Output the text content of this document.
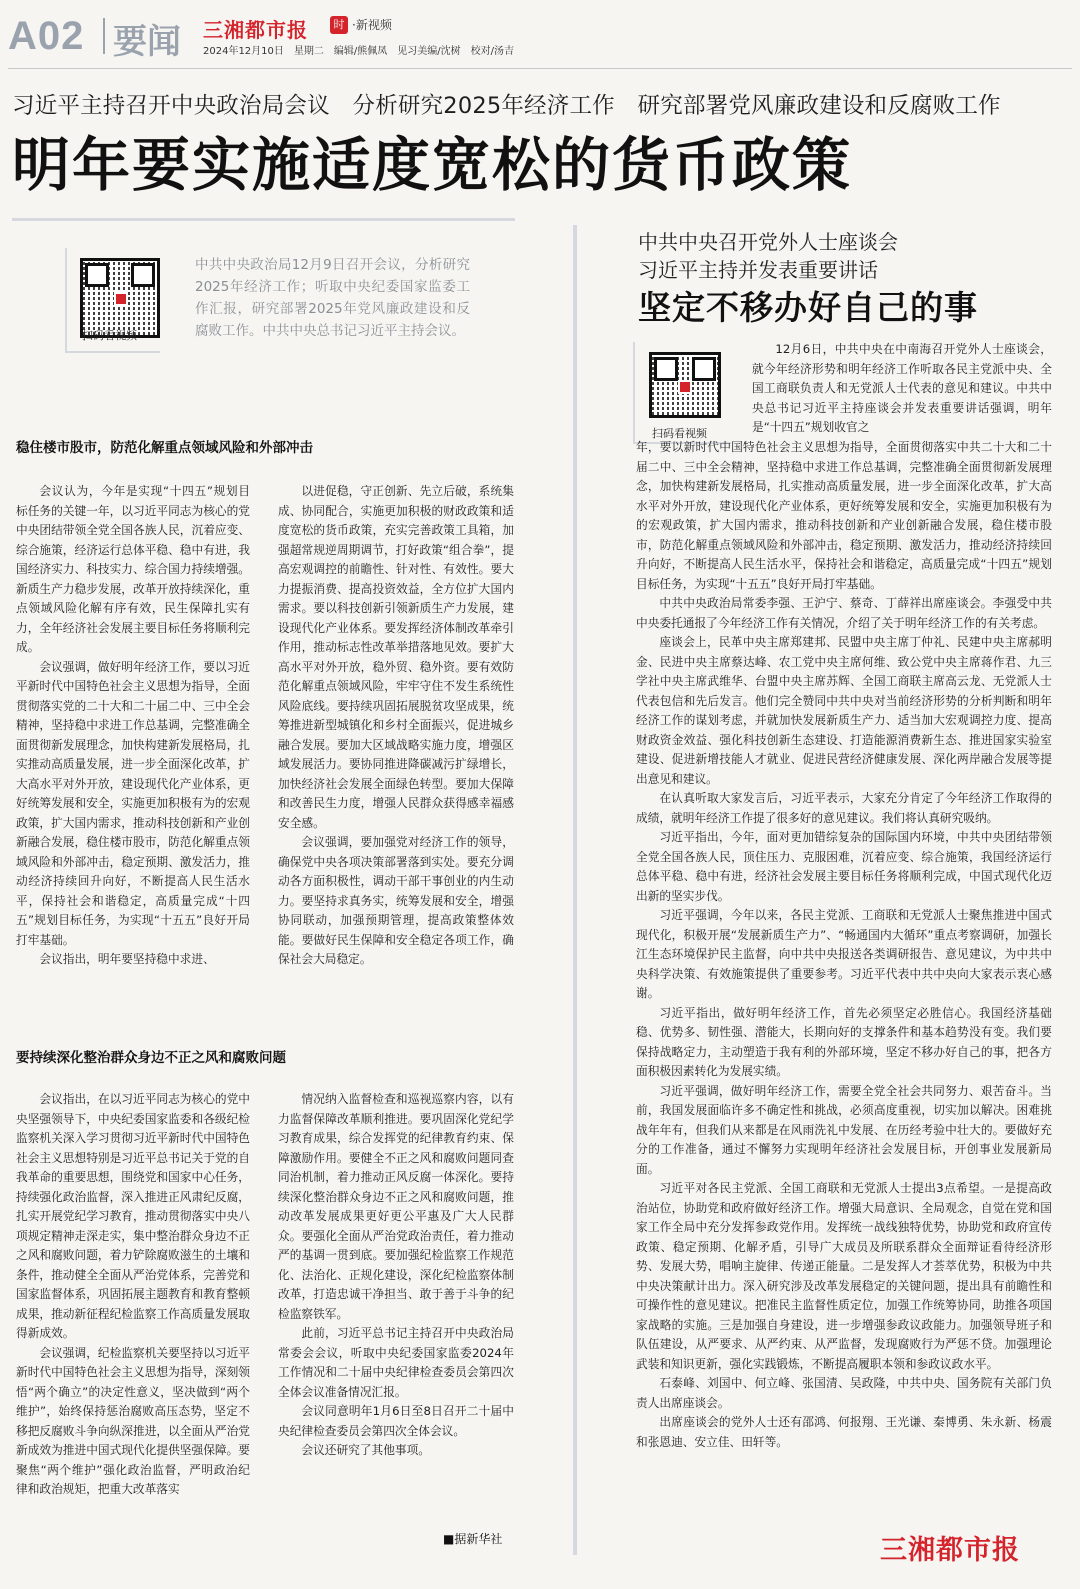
A02 要闻 三湘都市报	时 ·新视频
2024年12月10日　星期二　编辑/熊佩凤　见习美编/沈树　校对/汤吉
习近平主持召开中央政治局会议　分析研究2025年经济工作　研究部署党风廉政建设和反腐败工作
明年要实施适度宽松的货币政策
扫码看视频
中共中央政治局12月9日召开会议，分析研究2025年经济工作；听取中央纪委国家监委工作汇报，研究部署2025年党风廉政建设和反腐败工作。中共中央总书记习近平主持会议。
稳住楼市股市，防范化解重点领域风险和外部冲击

会议认为，今年是实现“十四五”规划目标任务的关键一年，以习近平同志为核心的党中央团结带领全党全国各族人民，沉着应变、综合施策，经济运行总体平稳、稳中有进，我国经济实力、科技实力、综合国力持续增强。新质生产力稳步发展，改革开放持续深化，重点领域风险化解有序有效，民生保障扎实有力，全年经济社会发展主要目标任务将顺利完成。

会议强调，做好明年经济工作，要以习近平新时代中国特色社会主义思想为指导，全面贯彻落实党的二十大和二十届二中、三中全会精神，坚持稳中求进工作总基调，完整准确全面贯彻新发展理念，加快构建新发展格局，扎实推动高质量发展，进一步全面深化改革，扩大高水平对外开放，建设现代化产业体系，更好统筹发展和安全，实施更加积极有为的宏观政策，扩大国内需求，推动科技创新和产业创新融合发展，稳住楼市股市，防范化解重点领域风险和外部冲击，稳定预期、激发活力，推动经济持续回升向好，不断提高人民生活水平，保持社会和谐稳定，高质量完成“十四五”规划目标任务，为实现“十五五”良好开局打牢基础。

会议指出，明年要坚持稳中求进、

以进促稳，守正创新、先立后破，系统集成、协同配合，实施更加积极的财政政策和适度宽松的货币政策，充实完善政策工具箱，加强超常规逆周期调节，打好政策“组合拳”，提高宏观调控的前瞻性、针对性、有效性。要大力提振消费、提高投资效益，全方位扩大国内需求。要以科技创新引领新质生产力发展，建设现代化产业体系。要发挥经济体制改革牵引作用，推动标志性改革举措落地见效。要扩大高水平对外开放，稳外贸、稳外资。要有效防范化解重点领域风险，牢牢守住不发生系统性风险底线。要持续巩固拓展脱贫攻坚成果，统筹推进新型城镇化和乡村全面振兴，促进城乡融合发展。要加大区域战略实施力度，增强区域发展活力。要协同推进降碳减污扩绿增长，加快经济社会发展全面绿色转型。要加大保障和改善民生力度，增强人民群众获得感幸福感安全感。

会议强调，要加强党对经济工作的领导，确保党中央各项决策部署落到实处。要充分调动各方面积极性，调动干部干事创业的内生动力。要坚持求真务实，统筹发展和安全，增强协同联动，加强预期管理，提高政策整体效能。要做好民生保障和安全稳定各项工作，确保社会大局稳定。

要持续深化整治群众身边不正之风和腐败问题

会议指出，在以习近平同志为核心的党中央坚强领导下，中央纪委国家监委和各级纪检监察机关深入学习贯彻习近平新时代中国特色社会主义思想特别是习近平总书记关于党的自我革命的重要思想，围绕党和国家中心任务，持续强化政治监督，深入推进正风肃纪反腐，扎实开展党纪学习教育，推动贯彻落实中央八项规定精神走深走实，集中整治群众身边不正之风和腐败问题，着力铲除腐败滋生的土壤和条件，推动健全全面从严治党体系，完善党和国家监督体系，巩固拓展主题教育和教育整顿成果，推动新征程纪检监察工作高质量发展取得新成效。

会议强调，纪检监察机关要坚持以习近平新时代中国特色社会主义思想为指导，深刻领悟“两个确立”的决定性意义，坚决做到“两个维护”，始终保持惩治腐败高压态势，坚定不移把反腐败斗争向纵深推进，以全面从严治党新成效为推进中国式现代化提供坚强保障。要聚焦“两个维护”强化政治监督，严明政治纪律和政治规矩，把重大改革落实

情况纳入监督检查和巡视巡察内容，以有力监督保障改革顺利推进。要巩固深化党纪学习教育成果，综合发挥党的纪律教育约束、保障激励作用。要健全不正之风和腐败问题同查同治机制，着力推动正风反腐一体深化。要持续深化整治群众身边不正之风和腐败问题，推动改革发展成果更好更公平惠及广大人民群众。要强化全面从严治党政治责任，着力推动严的基调一贯到底。要加强纪检监察工作规范化、法治化、正规化建设，深化纪检监察体制改革，打造忠诚干净担当、敢于善于斗争的纪检监察铁军。

此前，习近平总书记主持召开中央政治局常委会会议，听取中央纪委国家监委2024年工作情况和二十届中央纪律检查委员会第四次全体会议准备情况汇报。

会议同意明年1月6日至8日召开二十届中央纪律检查委员会第四次全体会议。

会议还研究了其他事项。

■据新华社
中共中央召开党外人士座谈会
习近平主持并发表重要讲话
坚定不移办好自己的事
扫码看视频

12月6日，中共中央在中南海召开党外人士座谈会，就今年经济形势和明年经济工作听取各民主党派中央、全国工商联负责人和无党派人士代表的意见和建议。中共中央总书记习近平主持座谈会并发表重要讲话强调，明年是“十四五”规划收官之

年，要以新时代中国特色社会主义思想为指导，全面贯彻落实中共二十大和二十届二中、三中全会精神，坚持稳中求进工作总基调，完整准确全面贯彻新发展理念，加快构建新发展格局，扎实推动高质量发展，进一步全面深化改革，扩大高水平对外开放，建设现代化产业体系，更好统筹发展和安全，实施更加积极有为的宏观政策，扩大国内需求，推动科技创新和产业创新融合发展，稳住楼市股市，防范化解重点领域风险和外部冲击，稳定预期、激发活力，推动经济持续回升向好，不断提高人民生活水平，保持社会和谐稳定，高质量完成“十四五”规划目标任务，为实现“十五五”良好开局打牢基础。

中共中央政治局常委李强、王沪宁、蔡奇、丁薛祥出席座谈会。李强受中共中央委托通报了今年经济工作有关情况，介绍了关于明年经济工作的有关考虑。

座谈会上，民革中央主席郑建邦、民盟中央主席丁仲礼、民建中央主席郝明金、民进中央主席蔡达峰、农工党中央主席何维、致公党中央主席蒋作君、九三学社中央主席武维华、台盟中央主席苏辉、全国工商联主席高云龙、无党派人士代表包信和先后发言。他们完全赞同中共中央对当前经济形势的分析判断和明年经济工作的谋划考虑，并就加快发展新质生产力、适当加大宏观调控力度、提高财政资金效益、强化科技创新生态建设、打造能源消费新生态、推进国家实验室建设、促进新增技能人才就业、促进民营经济健康发展、深化两岸融合发展等提出意见和建议。

在认真听取大家发言后，习近平表示，大家充分肯定了今年经济工作取得的成绩，就明年经济工作提了很多好的意见建议。我们将认真研究吸纳。

习近平指出，今年，面对更加错综复杂的国际国内环境，中共中央团结带领全党全国各族人民，顶住压力、克服困难，沉着应变、综合施策，我国经济运行总体平稳、稳中有进，经济社会发展主要目标任务将顺利完成，中国式现代化迈出新的坚实步伐。

习近平强调，今年以来，各民主党派、工商联和无党派人士聚焦推进中国式现代化，积极开展“发展新质生产力”、“畅通国内大循环”重点考察调研，加强长江生态环境保护民主监督，向中共中央报送各类调研报告、意见建议，为中共中央科学决策、有效施策提供了重要参考。习近平代表中共中央向大家表示衷心感谢。

习近平指出，做好明年经济工作，首先必须坚定必胜信心。我国经济基础稳、优势多、韧性强、潜能大，长期向好的支撑条件和基本趋势没有变。我们要保持战略定力，主动塑造于我有利的外部环境，坚定不移办好自己的事，把各方面积极因素转化为发展实绩。

习近平强调，做好明年经济工作，需要全党全社会共同努力、艰苦奋斗。当前，我国发展面临许多不确定性和挑战，必须高度重视，切实加以解决。困难挑战年年有，但我们从来都是在风雨洗礼中发展、在历经考验中壮大的。要做好充分的工作准备，通过不懈努力实现明年经济社会发展目标，开创事业发展新局面。

习近平对各民主党派、全国工商联和无党派人士提出3点希望。一是提高政治站位，协助党和政府做好经济工作。增强大局意识、全局观念，自觉在党和国家工作全局中充分发挥参政党作用。发挥统一战线独特优势，协助党和政府宣传政策、稳定预期、化解矛盾，引导广大成员及所联系群众全面辩证看待经济形势、发展大势，唱响主旋律、传递正能量。二是发挥人才荟萃优势，积极为中共中央决策献计出力。深入研究涉及改革发展稳定的关键问题，提出具有前瞻性和可操作性的意见建议。把准民主监督性质定位，加强工作统筹协同，助推各项国家战略的实施。三是加强自身建设，进一步增强参政议政能力。加强领导班子和队伍建设，从严要求、从严约束、从严监督，发现腐败行为严惩不贷。加强理论武装和知识更新，强化实践锻炼，不断提高履职本领和参政议政水平。

石泰峰、刘国中、何立峰、张国清、吴政隆，中共中央、国务院有关部门负责人出席座谈会。

出席座谈会的党外人士还有邵鸿、何报翔、王光谦、秦博勇、朱永新、杨震和张恩迪、安立佳、田轩等。

三湘都市报
